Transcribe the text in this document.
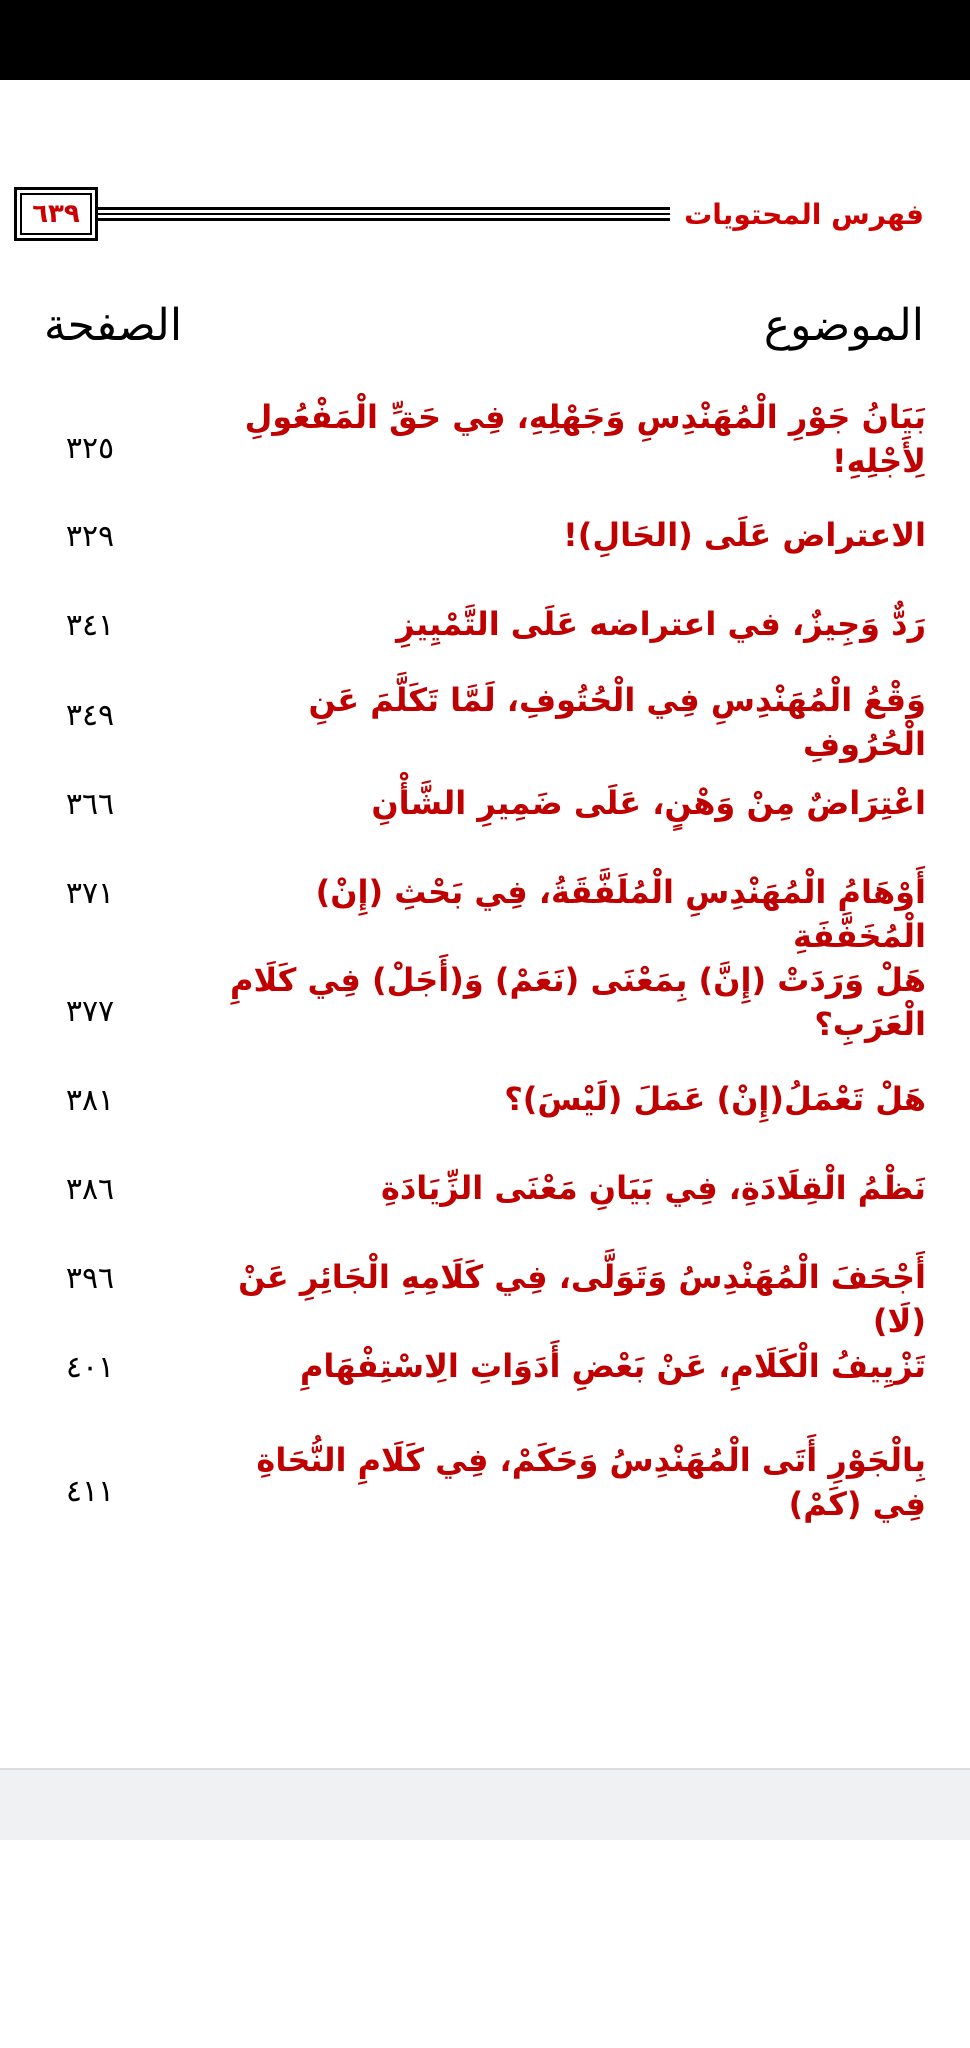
فهرس المحتويات
٦٣٩
الصفحة	الموضوع
بَيَانُ جَوْرِ الْمُهَنْدِسِ وَجَهْلِهِ، فِي حَقِّ الْمَفْعُولِ لِأَجْلِهِ!
٣٢٥
الاعتراض عَلَى (الحَالِ)!
٣٢٩
رَدٌّ وَجِيزٌ، في اعتراضه عَلَى التَّمْيِيزِ
٣٤١
وَقْعُ الْمُهَنْدِسِ فِي الْحُتُوفِ، لَمَّا تَكَلَّمَ عَنِ الْحُرُوفِ
٣٤٩
اعْتِرَاضٌ مِنْ وَهْنٍ، عَلَى ضَمِيرِ الشَّأْنِ
٣٦٦
أَوْهَامُ الْمُهَنْدِسِ الْمُلَفَّقَةُ، فِي بَحْثِ (إِنْ) الْمُخَفَّفَةِ
٣٧١
هَلْ وَرَدَتْ (إِنَّ) بِمَعْنَى (نَعَمْ) وَ(أَجَلْ) فِي كَلَامِ الْعَرَبِ؟
٣٧٧
هَلْ تَعْمَلُ(إِنْ) عَمَلَ (لَيْسَ)؟
٣٨١
نَظْمُ الْقِلَادَةِ، فِي بَيَانِ مَعْنَى الزِّيَادَةِ
٣٨٦
أَجْحَفَ الْمُهَنْدِسُ وَتَوَلَّى، فِي كَلَامِهِ الْجَائِرِ عَنْ (لَا)
٣٩٦
تَزْيِيفُ الْكَلَامِ، عَنْ بَعْضِ أَدَوَاتِ الِاسْتِفْهَامِ
٤٠١
بِالْجَوْرِ أَتَى الْمُهَنْدِسُ وَحَكَمْ، فِي كَلَامِ النُّحَاةِ فِي (كَمْ)
٤١١
